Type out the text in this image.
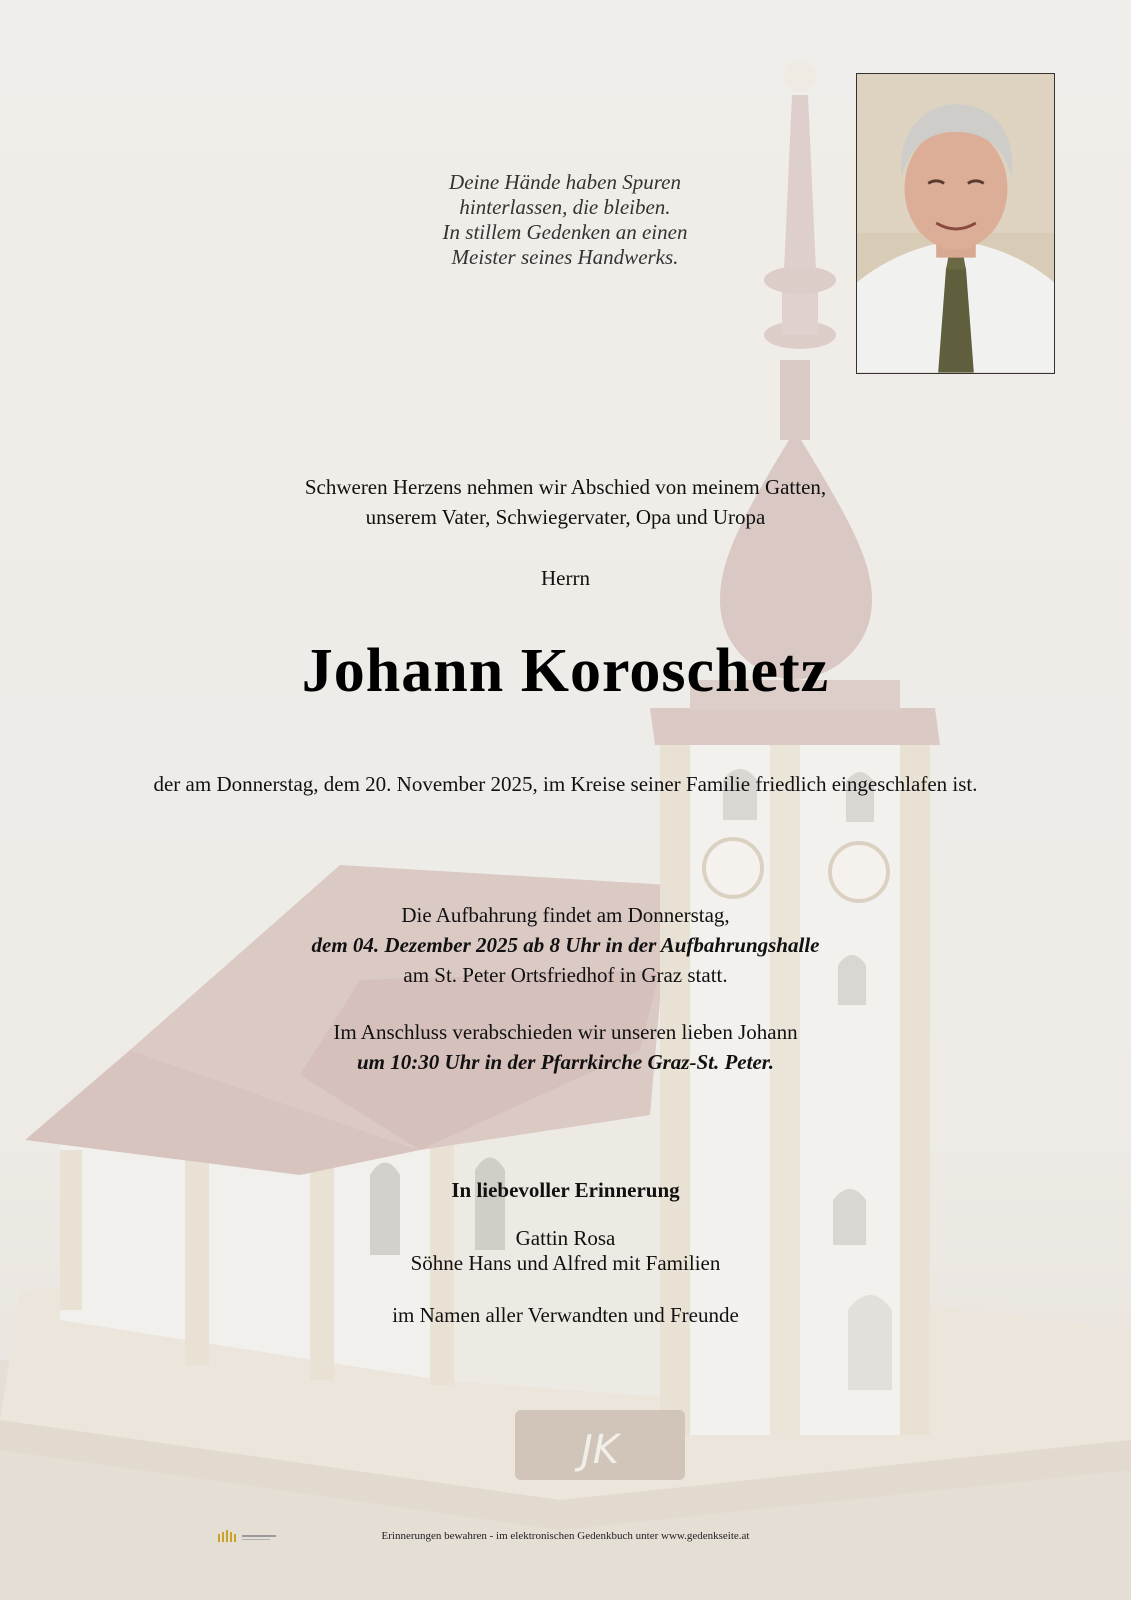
JK
Deine Hände haben Spuren
hinterlassen, die bleiben.
In stillem Gedenken an einen
Meister seines Handwerks.
Schweren Herzens nehmen wir Abschied von meinem Gatten,
unserem Vater, Schwiegervater, Opa und Uropa
Herrn
Johann Koroschetz
der am Donnerstag, dem 20. November 2025, im Kreise seiner Familie friedlich eingeschlafen ist.
Die Aufbahrung findet am Donnerstag,
dem 04. Dezember 2025 ab 8 Uhr in der Aufbahrungshalle
am St. Peter Ortsfriedhof in Graz statt.
Im Anschluss verabschieden wir unseren lieben Johann
um 10:30 Uhr in der Pfarrkirche Graz-St. Peter.
In liebevoller Erinnerung
Gattin Rosa
Söhne Hans und Alfred mit Familien
im Namen aller Verwandten und Freunde
Erinnerungen bewahren - im elektronischen Gedenkbuch unter www.gedenkseite.at
